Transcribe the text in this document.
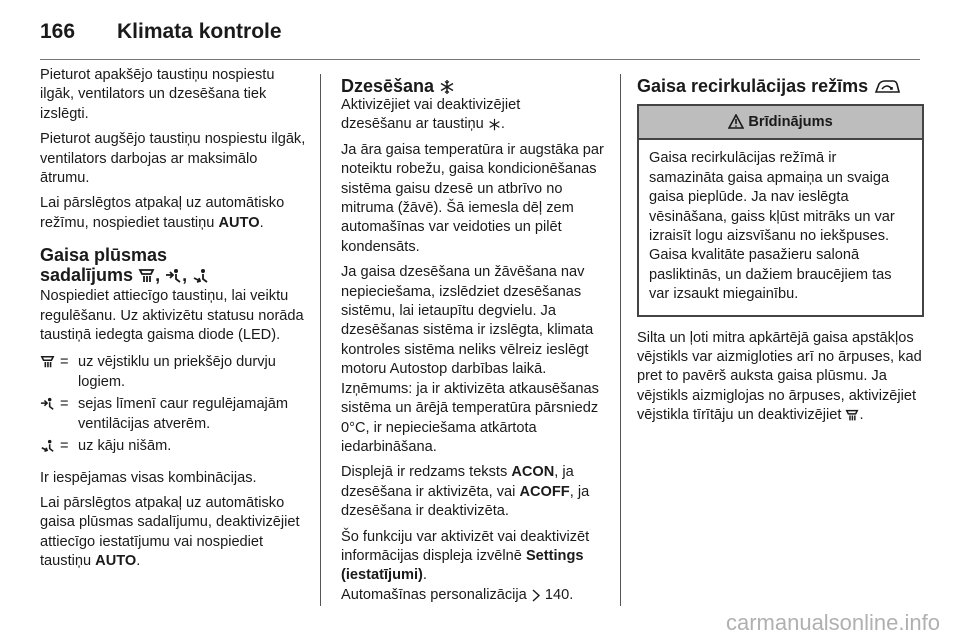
166 Klimata kontrole

Pieturot apakšējo taustiņu nospiestu ilgāk, ventilators un dzesēšana tiek izslēgti.

Pieturot augšējo taustiņu nospiestu ilgāk, ventilators darbojas ar maksimālo ātrumu.

Lai pārslēgtos atpakaļ uz automātisko režīmu, nospiediet taustiņu AUTO.

Gaisa plūsmas
sadalījums , ,

Nospiediet attiecīgo taustiņu, lai veiktu regulēšanu. Uz aktivizētu statusu norāda taustiņā iedegta gaisma diode (LED).

= uz vējstiklu un priekšējo durvju logiem.
= sejas līmenī caur regulējamajām ventilācijas atverēm.
= uz kāju nišām.

Ir iespējamas visas kombinācijas.

Lai pārslēgtos atpakaļ uz automātisko gaisa plūsmas sadalījumu, deaktivizējiet attiecīgo iestatījumu vai nospiediet taustiņu AUTO.

Dzesēšana

Aktivizējiet vai deaktivizējiet
dzesēšanu ar taustiņu .

Ja āra gaisa temperatūra ir augstāka par noteiktu robežu, gaisa kondicionēšanas sistēma gaisu dzesē un atbrīvo no mitruma (žāvē). Šā iemesla dēļ zem automašīnas var veidoties un pilēt kondensāts.

Ja gaisa dzesēšana un žāvēšana nav nepieciešama, izslēdziet dzesēšanas sistēmu, lai ietaupītu degvielu. Ja dzesēšanas sistēma ir izslēgta, klimata kontroles sistēma neliks vēlreiz ieslēgt motoru Autostop darbības laikā. Izņēmums: ja ir aktivizēta atkausēšanas sistēma un ārējā temperatūra pārsniedz 0°C, ir nepieciešama atkārtota iedarbināšana.

Displejā ir redzams teksts ACON, ja dzesēšana ir aktivizēta, vai ACOFF, ja dzesēšana ir deaktivizēta.

Šo funkciju var aktivizēt vai deaktivizēt informācijas displeja izvēlnē Settings (iestatījumi).
Automašīnas personalizācija 140.

Gaisa recirkulācijas režīms
Brīdinājums
Gaisa recirkulācijas režīmā ir samazināta gaisa apmaiņa un svaiga gaisa pieplūde. Ja nav ieslēgta vēsināšana, gaiss kļūst mitrāks un var izraisīt logu aizsvīšanu no iekšpuses. Gaisa kvalitāte pasažieru salonā pasliktinās, un dažiem braucējiem tas var izsaukt miegainību.

Silta un ļoti mitra apkārtējā gaisa apstākļos vējstikls var aizmigloties arī no ārpuses, kad pret to pavērš auksta gaisa plūsmu. Ja vējstikls aizmiglojas no ārpuses, aktivizējiet vējstikla tīrītāju un deaktivizējiet .

carmanualsonline.info
